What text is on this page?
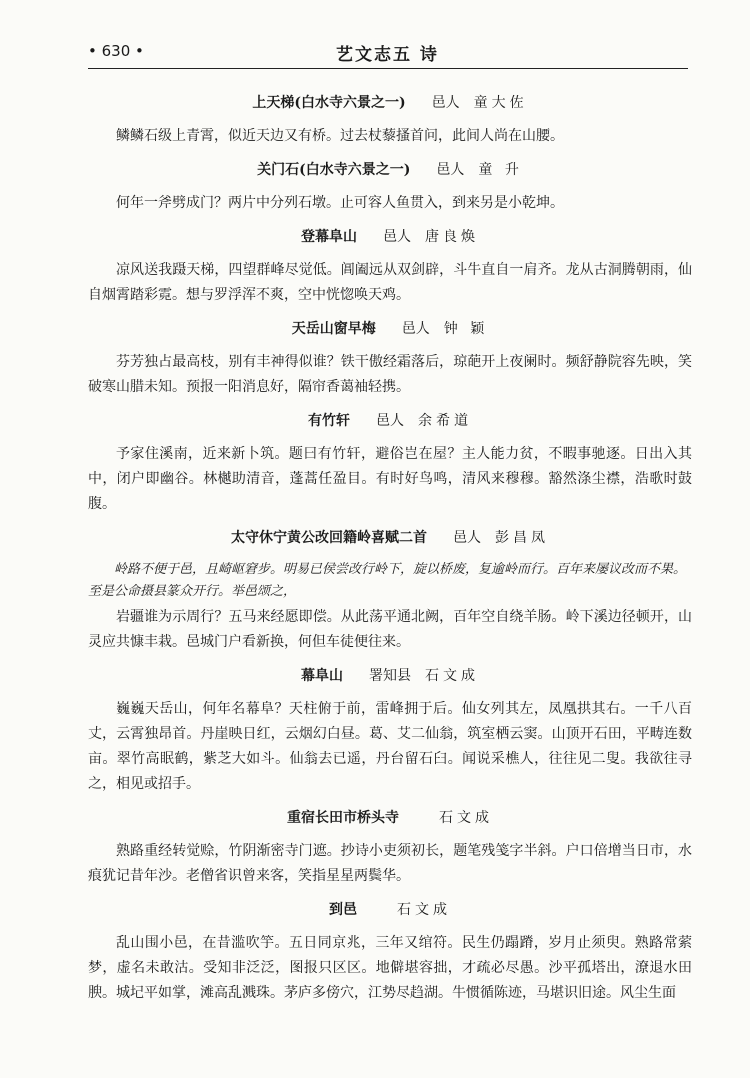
• 630 •	艺文志五 诗
上天梯(白水寺六景之一) 邑人 童大佐

鳞鳞石级上青霄，似近天边又有桥。过去杖藜搔首问，此间人尚在山腰。

关门石(白水寺六景之一) 邑人 童 升

何年一斧劈成门？两片中分列石墩。止可容人鱼贯入，到来另是小乾坤。

登幕阜山 邑人 唐良焕

凉风送我蹑天梯，四望群峰尽觉低。阊阖远从双剑辟，斗牛直自一肩齐。龙从古洞腾朝雨，仙自烟霄踏彩霓。想与罗浮浑不爽，空中恍惚唤天鸡。

天岳山窗早梅 邑人 钟 颖

芬芳独占最高枝，别有丰神得似谁？铁干傲经霜落后，琼葩开上夜阑时。频舒静院容先映，笑破寒山腊未知。预报一阳消息好，隔帘香蔼袖轻携。

有竹轩 邑人 余希道

予家住溪南，近来新卜筑。题曰有竹轩，避俗岂在屋？主人能力贫，不暇事驰逐。日出入其中，闭户即幽谷。林樾助清音，蓬蒿任盈目。有时好鸟鸣，清风来穆穆。豁然涤尘襟，浩歌时鼓腹。

太守休宁黄公改回籍岭喜赋二首 邑人 彭昌凤

岭路不便于邑，且崎岖窘步。明易已侯尝改行岭下，旋以桥废，复逾岭而行。百年来屡议改而不果。至是公命摄县篆众开行。举邑颂之，

岩疆谁为示周行？五马来经愿即偿。从此荡平通北阙，百年空自绕羊肠。岭下溪边径顿开，山灵应共慷丰栽。邑城门户看新换，何但车徒便往来。

幕阜山 署知县 石文成

巍巍天岳山，何年名幕阜？天柱俯于前，雷峰拥于后。仙女列其左，凤凰拱其右。一千八百丈，云霄独昂首。丹崖映日红，云烟幻白昼。葛、艾二仙翁，筑室栖云窦。山顶开石田，平畴连数亩。翠竹高眠鹤，紫芝大如斗。仙翁去已遥，丹台留石臼。闻说采樵人，往往见二叟。我欲往寻之，相见或招手。

重宿长田市桥头寺	石文成

熟路重经转觉赊，竹阴渐密寺门遮。抄诗小吏须初长，题笔残笺字半斜。户口倍增当日市，水痕犹记昔年沙。老僧省识曾来客，笑指星星两鬓华。

到邑	石文成

乱山围小邑，在昔滥吹竽。五日同京兆，三年又绾符。民生仍蹋蹐，岁月止须臾。熟路常萦梦，虚名未敢沽。受知非泛泛，图报只区区。地僻堪容拙，才疏必尽愚。沙平孤塔出，潦退水田腴。城圮平如掌，滩高乱溅珠。茅庐多傍穴，江势尽趋湖。牛惯循陈迹，马堪识旧途。风尘生面
